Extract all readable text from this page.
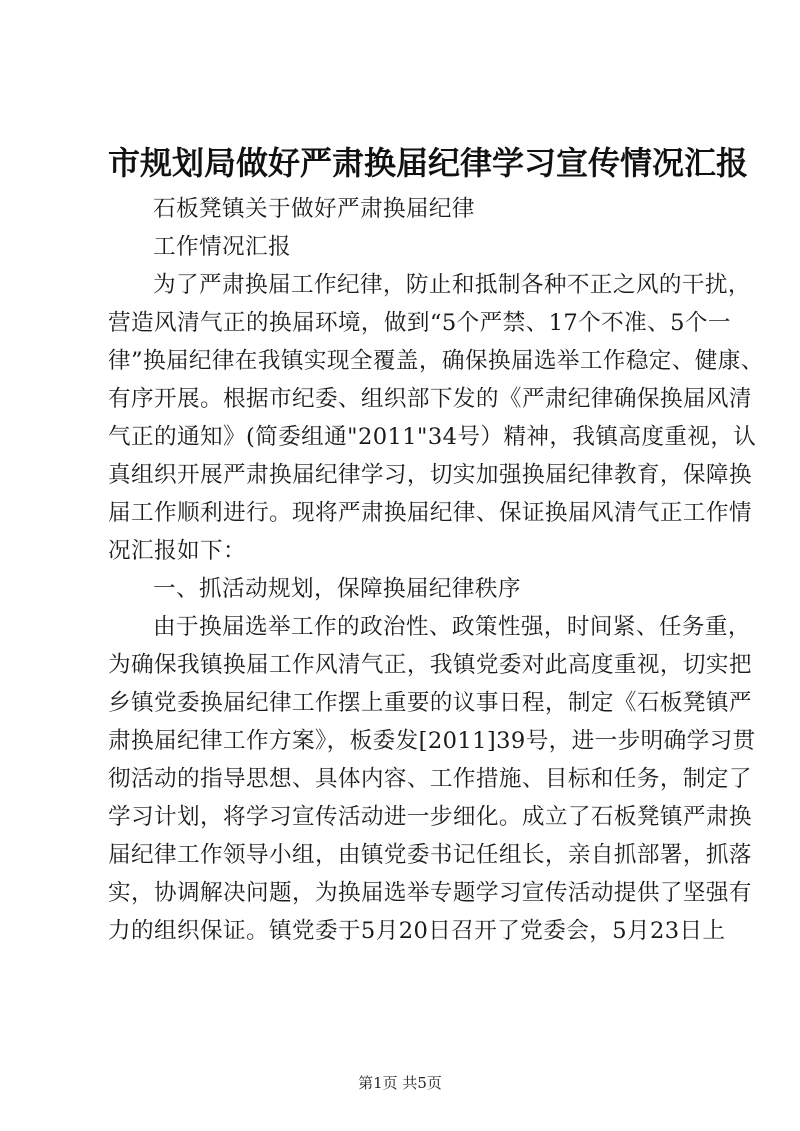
市规划局做好严肃换届纪律学习宣传情况汇报
石板凳镇关于做好严肃换届纪律
工作情况汇报
为了严肃换届工作纪律，防止和抵制各种不正之风的干扰，
营造风清气正的换届环境，做到“5个严禁、17个不准、5个一
律”换届纪律在我镇实现全覆盖，确保换届选举工作稳定、健康、
有序开展。根据市纪委、组织部下发的《严肃纪律确保换届风清
气正的通知》(简委组通"2011"34号）精神，我镇高度重视，认
真组织开展严肃换届纪律学习，切实加强换届纪律教育，保障换
届工作顺利进行。现将严肃换届纪律、保证换届风清气正工作情
况汇报如下：
一、抓活动规划，保障换届纪律秩序
由于换届选举工作的政治性、政策性强，时间紧、任务重，
为确保我镇换届工作风清气正，我镇党委对此高度重视，切实把
乡镇党委换届纪律工作摆上重要的议事日程，制定《石板凳镇严
肃换届纪律工作方案》，板委发[2011]39号，进一步明确学习贯
彻活动的指导思想、具体内容、工作措施、目标和任务，制定了
学习计划，将学习宣传活动进一步细化。成立了石板凳镇严肃换
届纪律工作领导小组，由镇党委书记任组长，亲自抓部署，抓落
实，协调解决问题，为换届选举专题学习宣传活动提供了坚强有
力的组织保证。镇党委于5月20日召开了党委会，5月23日上
第1页 共5页
